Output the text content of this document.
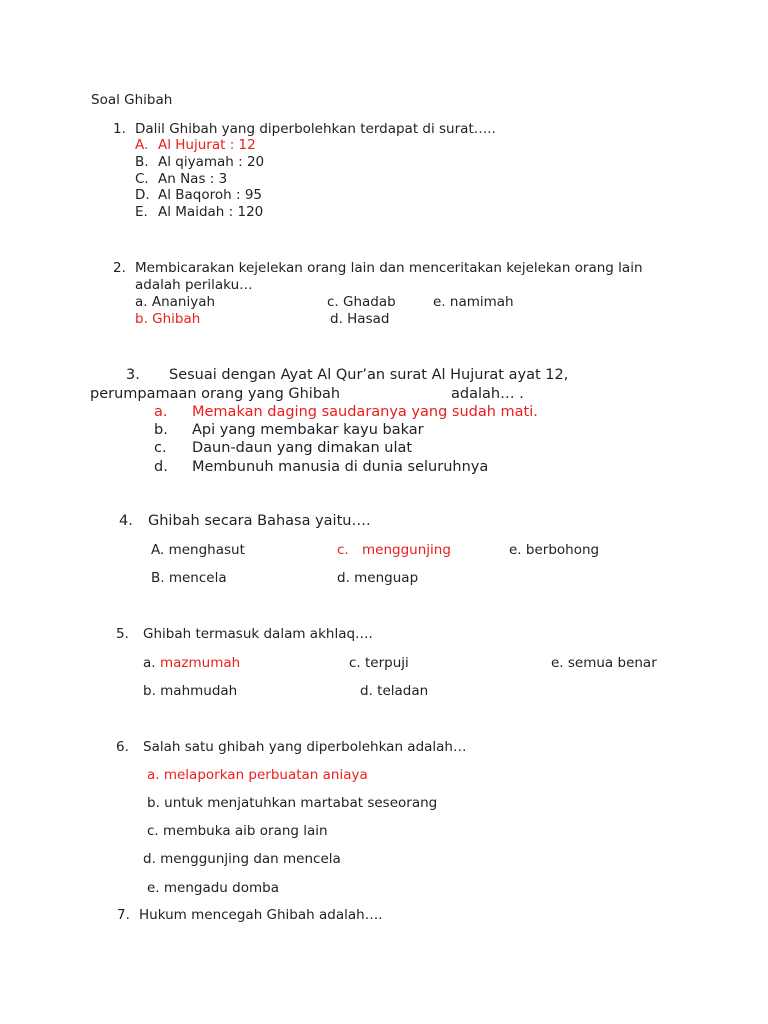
Soal Ghibah
1. Dalil Ghibah yang diperbolehkan terdapat di surat…..
A. Al Hujurat : 12
B. Al qiyamah : 20
C. An Nas : 3
D. Al Baqoroh : 95
E. Al Maidah : 120
2. Membicarakan kejelekan orang lain dan menceritakan kejelekan orang lain
adalah perilaku…
a. Ananiyah	c. Ghadab	e. namimah
b. Ghibah	d. Hasad
3. Sesuai dengan Ayat Al Qur’an surat Al Hujurat ayat 12,
perumpamaan orang yang Ghibah	adalah… .
a. Memakan daging saudaranya yang sudah mati.
b. Api yang membakar kayu bakar
c. Daun-daun yang dimakan ulat
d. Membunuh manusia di dunia seluruhnya
4. Ghibah secara Bahasa yaitu….
A. menghasut	c. menggunjing	e. berbohong
B. mencela	d. menguap
5. Ghibah termasuk dalam akhlaq….
a. mazmumah	c. terpuji	e. semua benar
b. mahmudah	d. teladan
6. Salah satu ghibah yang diperbolehkan adalah…
a. melaporkan perbuatan aniaya
b. untuk menjatuhkan martabat seseorang
c. membuka aib orang lain
d. menggunjing dan mencela
e. mengadu domba
7. Hukum mencegah Ghibah adalah….
